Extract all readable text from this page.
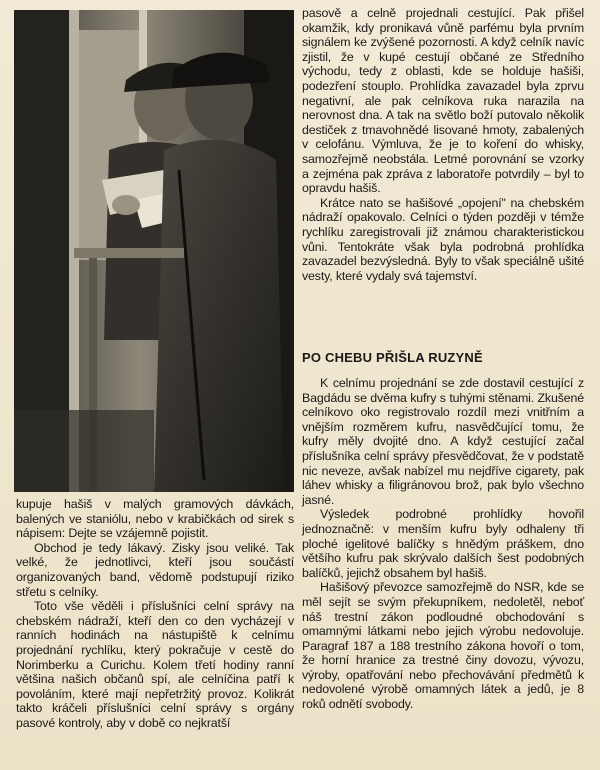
kupuje hašiš v malých gramových dávkách, balených ve staniólu, nebo v krabičkách od sirek s nápisem: Dejte se vzájemně pojistit.

Obchod je tedy lákavý. Zisky jsou veliké. Tak velké, že jednotlivci, kteří jsou součástí organizovaných band, vědomě podstupují riziko střetu s celníky.

Toto vše věděli i příslušníci celní správy na chebském nádraží, kteří den co den vycházejí v ranních hodinách na nástupiště k celnímu projednání rychlíku, který pokračuje v cestě do Norimberku a Curichu. Kolem třetí hodiny ranní většina našich občanů spí, ale celníčina patří k povoláním, které mají nepřetržitý provoz. Kolikrát takto kráčeli příslušníci celní správy s orgány pasové kontroly, aby v době co nejkratší

pasově a celně projednali cestující. Pak přišel okamžik, kdy pronikavá vůně parfému byla prvním signálem ke zvýšené pozornosti. A když celník navíc zjistil, že v kupé cestují občané ze Středního východu, tedy z oblasti, kde se holduje hašiši, podezření stouplo. Prohlídka zavazadel byla zprvu negativní, ale pak celníkova ruka narazila na nerovnost dna. A tak na světlo boží putovalo několik destiček z tmavohnědé lisované hmoty, zabalených v celofánu. Výmluva, že je to koření do whisky, samozřejmě neobstála. Letmé porovnání se vzorky a zejména pak zpráva z laboratoře potvrdily – byl to opravdu hašiš.

Krátce nato se hašišové „opojení" na chebském nádraží opakovalo. Celníci o týden později v témže rychlíku zaregistrovali již známou charakteristickou vůni. Tentokráte však byla podrobná prohlídka zavazadel bezvýsledná. Byly to však speciálně ušité vesty, které vydaly svá tajemství.

PO CHEBU PŘIŠLA RUZYNĚ

K celnímu projednání se zde dostavil cestující z Bagdádu se dvěma kufry s tuhými stěnami. Zkušené celníkovo oko registrovalo rozdíl mezi vnitřním a vnějším rozměrem kufru, nasvědčující tomu, že kufry měly dvojité dno. A když cestující začal příslušníka celní správy přesvědčovat, že v podstatě nic neveze, avšak nabízel mu nejdříve cigarety, pak láhev whisky a filigránovou brož, pak bylo všechno jasné.

Výsledek podrobné prohlídky hovořil jednoznačně: v menším kufru byly odhaleny tři ploché igelitové balíčky s hnědým práškem, dno většího kufru pak skrývalo dalších šest podobných balíčků, jejichž obsahem byl hašiš.

Hašišový převozce samozřejmě do NSR, kde se měl sejít se svým překupníkem, nedoletěl, neboť náš trestní zákon podloudné obchodování s omamnými látkami nebo jejich výrobu nedovoluje. Paragraf 187 a 188 trestního zákona hovoří o tom, že horní hranice za trestné činy dovozu, vývozu, výroby, opatřování nebo přechovávání předmětů k nedovolené výrobě omamných látek a jedů, je 8 roků odnětí svobody.
